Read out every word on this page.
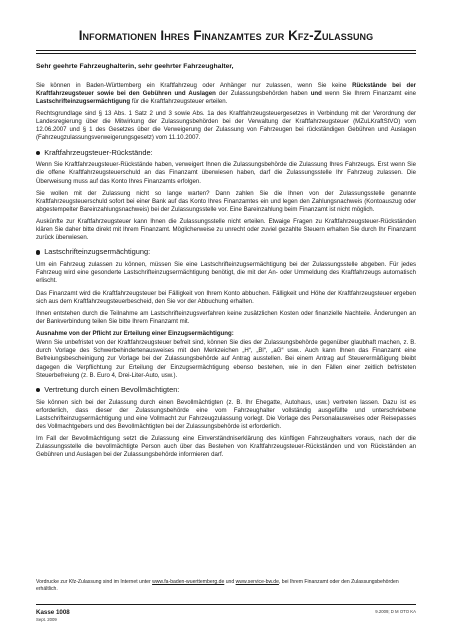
Informationen Ihres Finanzamtes zur Kfz-Zulassung

Sehr geehrte Fahrzeughalterin, sehr geehrter Fahrzeughalter,

Sie können in Baden-Württemberg ein Kraftfahrzeug oder Anhänger nur zulassen, wenn Sie keine Rückstände bei der Kraftfahrzeugsteuer sowie bei den Gebühren und Auslagen der Zulassungsbehörden haben und wenn Sie Ihrem Finanzamt eine Lastschrifteinzugsermächtigung für die Kraftfahrzeugsteuer erteilen.

Rechtsgrundlage sind § 13 Abs. 1 Satz 2 und 3 sowie Abs. 1a des Kraftfahrzeugsteuergesetzes in Verbindung mit der Verordnung der Landesregierung über die Mitwirkung der Zulassungsbehörden bei der Verwaltung der Kraftfahrzeugsteuer (MZuLKraftStVO) vom 12.06.2007 und § 1 des Gesetzes über die Verweigerung der Zulassung von Fahrzeugen bei rückständigen Gebühren und Auslagen (Fahrzeugzulassungsverweigerungsgesetz) vom 11.10.2007.

Kraftfahrzeugsteuer-Rückstände:

Wenn Sie Kraftfahrzeugsteuer-Rückstände haben, verweigert Ihnen die Zulassungsbehörde die Zulassung Ihres Fahrzeugs. Erst wenn Sie die offene Kraftfahrzeugsteuerschuld an das Finanzamt überwiesen haben, darf die Zulassungsstelle Ihr Fahrzeug zulassen. Die Überweisung muss auf das Konto Ihres Finanzamts erfolgen.

Sie wollen mit der Zulassung nicht so lange warten? Dann zahlen Sie die Ihnen von der Zulassungsstelle genannte Kraftfahrzeugsteuerschuld sofort bei einer Bank auf das Konto Ihres Finanzamtes ein und legen den Zahlungsnachweis (Kontoauszug oder abgestempelter Bareinzahlungsnachweis) bei der Zulassungsstelle vor. Eine Bareinzahlung beim Finanzamt ist nicht möglich.

Auskünfte zur Kraftfahrzeugsteuer kann Ihnen die Zulassungsstelle nicht erteilen. Etwaige Fragen zu Kraftfahrzeugsteuer-Rückständen klären Sie daher bitte direkt mit Ihrem Finanzamt. Möglicherweise zu unrecht oder zuviel gezahlte Steuern erhalten Sie durch Ihr Finanzamt zurück überwiesen.

Lastschrifteinzugsermächtigung:

Um ein Fahrzeug zulassen zu können, müssen Sie eine Lastschrifteinzugsermächtigung bei der Zulassungsstelle abgeben. Für jedes Fahrzeug wird eine gesonderte Lastschrifteinzugsermächtigung benötigt, die mit der An- oder Ummeldung des Kraftfahrzeugs automatisch erlischt.

Das Finanzamt wird die Kraftfahrzeugsteuer bei Fälligkeit von Ihrem Konto abbuchen. Fälligkeit und Höhe der Kraftfahrzeugsteuer ergeben sich aus dem Kraftfahrzeugsteuerbescheid, den Sie vor der Abbuchung erhalten.

Ihnen entstehen durch die Teilnahme am Lastschrifteinzugsverfahren keine zusätzlichen Kosten oder finanzielle Nachteile. Änderungen an der Bankverbindung teilen Sie bitte Ihrem Finanzamt mit.

Ausnahme von der Pflicht zur Erteilung einer Einzugsermächtigung:

Wenn Sie unbefristet von der Kraftfahrzeugsteuer befreit sind, können Sie dies der Zulassungsbehörde gegenüber glaubhaft machen, z. B. durch Vorlage des Schwerbehindertenausweises mit den Merkzeichen „H“, „Bl“, „aG“ usw.. Auch kann Ihnen das Finanzamt eine Befreiungsbescheinigung zur Vorlage bei der Zulassungsbehörde auf Antrag ausstellen. Bei einem Antrag auf Steuerermäßigung bleibt dagegen die Verpflichtung zur Erteilung der Einzugsermächtigung ebenso bestehen, wie in den Fällen einer zeitlich befristeten Steuerbefreiung (z. B. Euro 4, Drei-Liter-Auto, usw.).

Vertretung durch einen Bevollmächtigten:

Sie können sich bei der Zulassung durch einen Bevollmächtigten (z. B. Ihr Ehegatte, Autohaus, usw.) vertreten lassen. Dazu ist es erforderlich, dass dieser der Zulassungsbehörde eine vom Fahrzeughalter vollständig ausgefüllte und unterschriebene Lastschrifteinzugsermächtigung und eine Vollmacht zur Fahrzeugzulassung vorlegt. Die Vorlage des Personalausweises oder Reisepasses des Vollmachtgebers und des Bevollmächtigten bei der Zulassungsbehörde ist erforderlich.

Im Fall der Bevollmächtigung setzt die Zulassung eine Einverständniserklärung des künftigen Fahrzeughalters voraus, nach der die Zulassungsstelle die bevollmächtigte Person auch über das Bestehen von Kraftfahrzeugsteuer-Rückständen und von Rückständen an Gebühren und Auslagen bei der Zulassungsbehörde informieren darf.

Vordrucke zur Kfz-Zulassung sind im Internet unter www.fa-baden-wuerttemberg.de und www.service-bw.de, bei Ihrem Finanzamt oder den Zulassungsbehörden erhältlich.
Kasse 1008
Sept. 2009
9.2009; D M OTO KA
